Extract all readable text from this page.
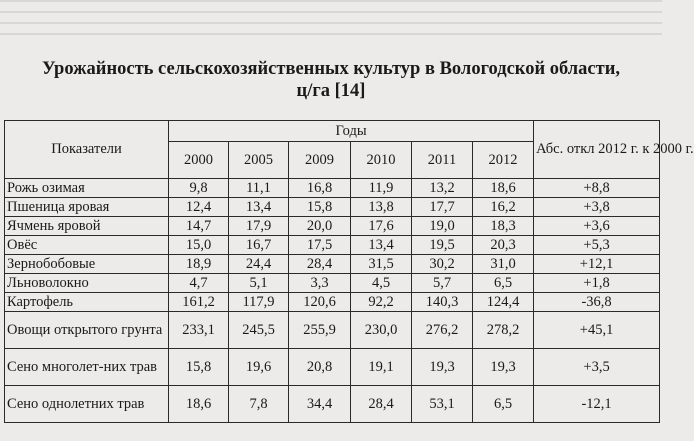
Урожайность сельскохозяйственных культур в Вологодской области,
ц/га [14]
Показатели	Годы						Абс. откл 2012 г. к 2000 г.
	2000	2005	2009	2010	2011	2012	
Рожь озимая	9,8	11,1	16,8	11,9	13,2	18,6	+8,8
Пшеница яровая	12,4	13,4	15,8	13,8	17,7	16,2	+3,8
Ячмень яровой	14,7	17,9	20,0	17,6	19,0	18,3	+3,6
Овёс	15,0	16,7	17,5	13,4	19,5	20,3	+5,3
Зернобобовые	18,9	24,4	28,4	31,5	30,2	31,0	+12,1
Льноволокно	4,7	5,1	3,3	4,5	5,7	6,5	+1,8
Картофель	161,2	117,9	120,6	92,2	140,3	124,4	-36,8
Овощи открытого грунта	233,1	245,5	255,9	230,0	276,2	278,2	+45,1
Сено многолет-них трав	15,8	19,6	20,8	19,1	19,3	19,3	+3,5
Сено однолетних трав	18,6	7,8	34,4	28,4	53,1	6,5	-12,1
